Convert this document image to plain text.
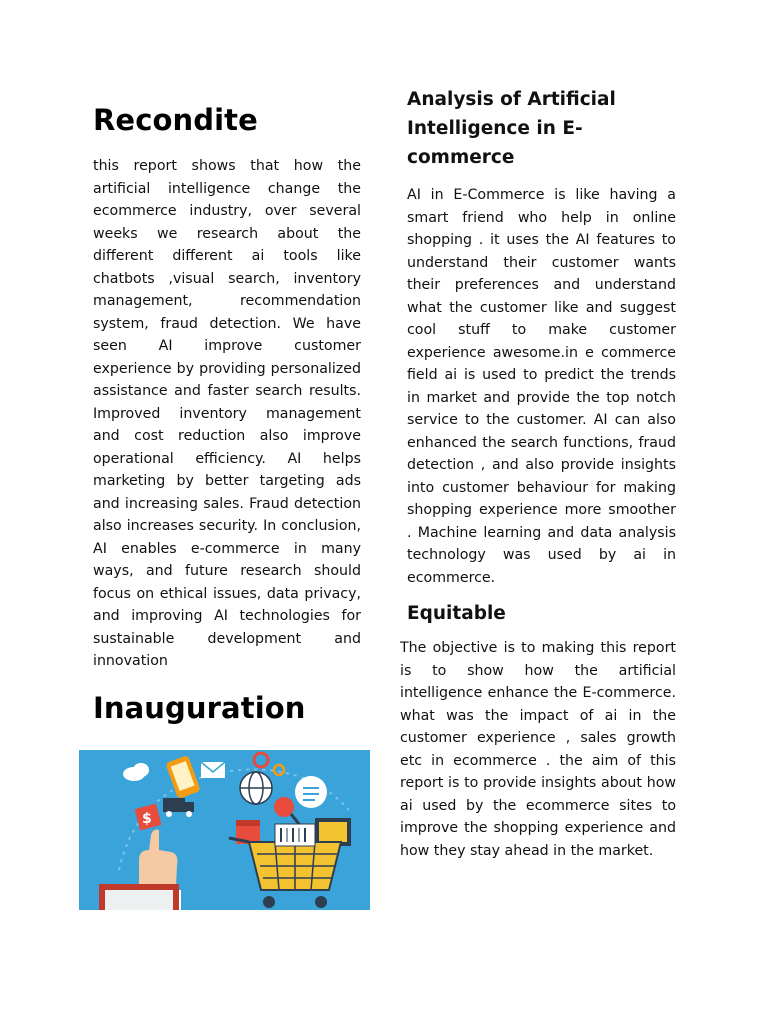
Recondite

this report shows that how the artificial intelligence change the ecommerce industry, over several weeks we research about the different different ai tools like chatbots ,visual search, inventory management, recommendation system, fraud detection. We have seen AI improve customer experience by providing personalized assistance and faster search results. Improved inventory management and cost reduction also improve operational efficiency. AI helps marketing by better targeting ads and increasing sales. Fraud detection also increases security. In conclusion, AI enables e-commerce in many ways, and future research should focus on ethical issues, data privacy, and improving AI technologies for sustainable development and innovation

Inauguration
$
Analysis of Artificial Intelligence in E-commerce

AI in E-Commerce is like having a smart friend who help in online shopping . it uses the AI features to understand their customer wants their preferences and understand what the customer like and suggest cool stuff to make customer experience awesome.in e commerce field ai is used to predict the trends in market and provide the top notch service to the customer. AI can also enhanced the search functions, fraud detection , and also provide insights into customer behaviour for making shopping experience more smoother . Machine learning and data analysis technology was used by ai in ecommerce.

Equitable

The objective is to making this report is to show how the artificial intelligence enhance the E-commerce. what was the impact of ai in the customer experience , sales growth etc in ecommerce . the aim of this report is to provide insights about how ai used by the ecommerce sites to improve the shopping experience and how they stay ahead in the market.
